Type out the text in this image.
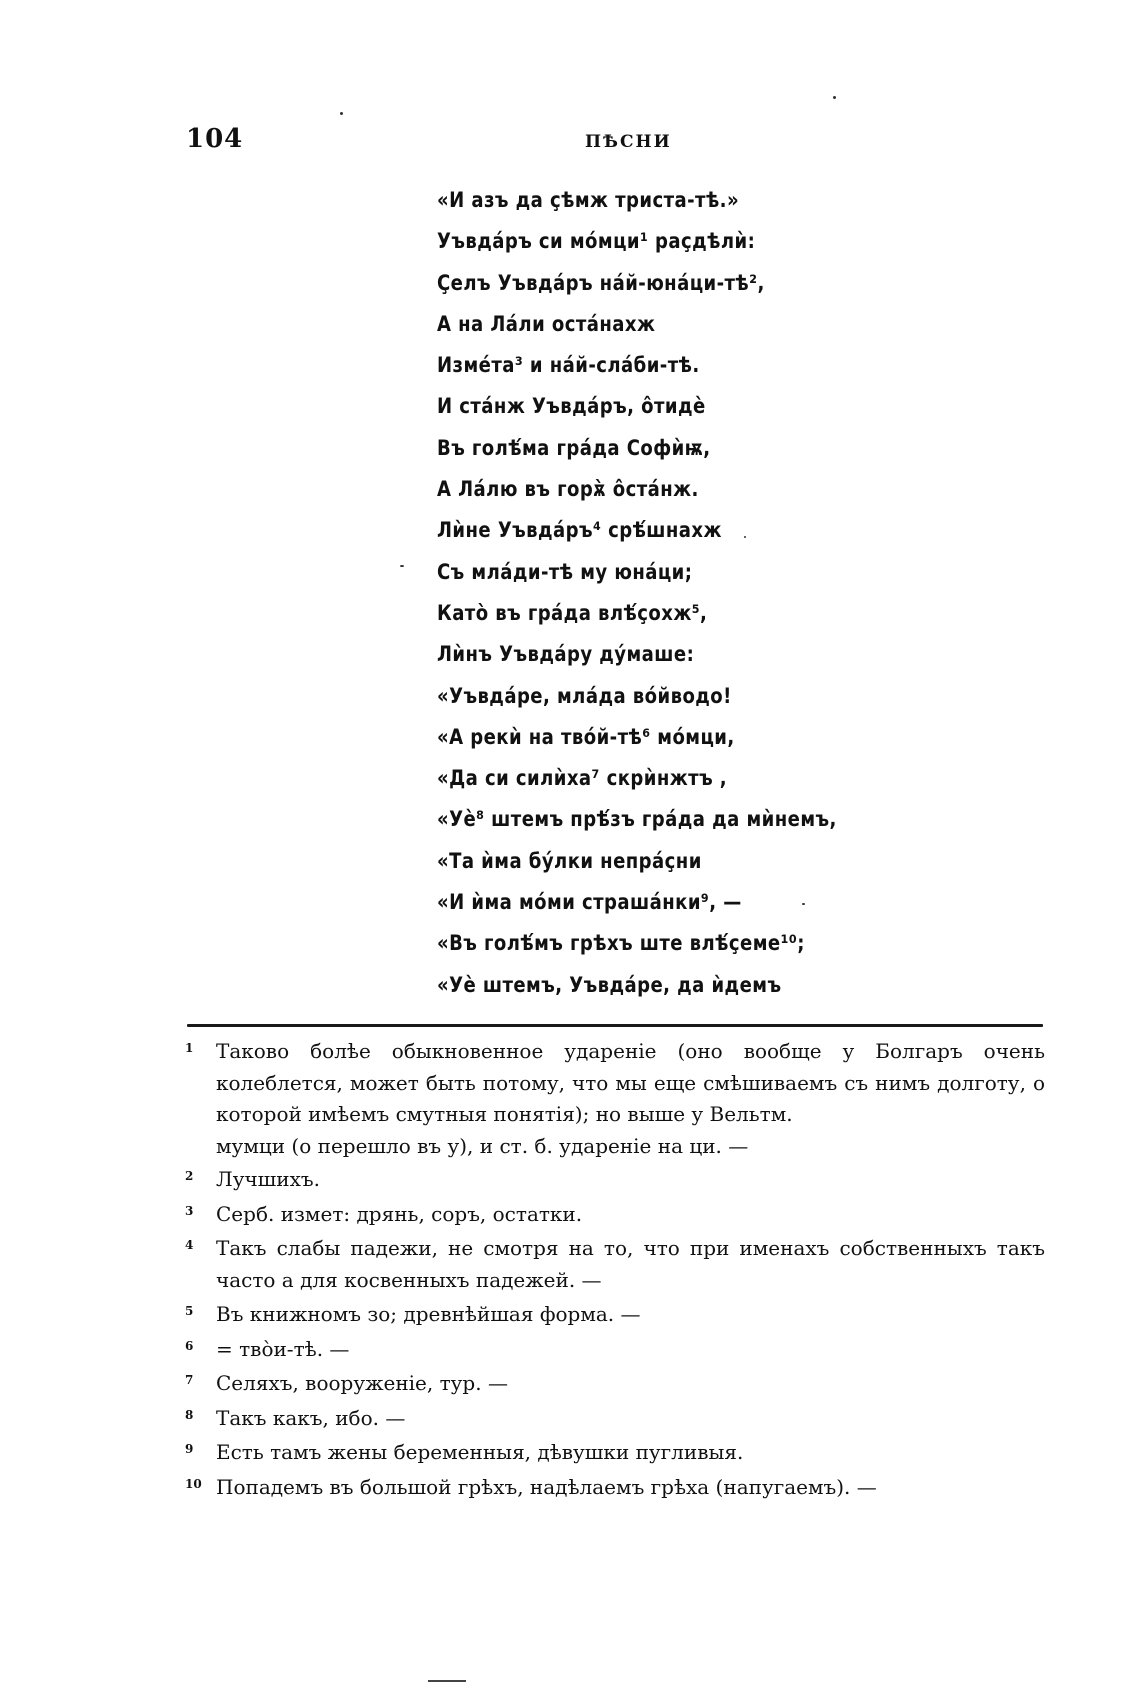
104	ПѢСНИ
«И азъ да ҫѣмж триста-тѣ.»
Уъвдáръ си мóмци¹ раҫдѣлѝ:
Ҫелъ Уъвдáръ нáй-юнáци-тѣ²,
А на Лáли остáнахж
Измéта³ и нáй-слáби-тѣ.
И стáнж Уъвдáръ, ôтидè
Въ голѣ́ма грáда Софѝѭ,
А Лáлю въ горѫ̀ ôстáнж.
Лѝне Уъвдáръ⁴ срѣ́шнахж
Съ млáди-тѣ му юнáци;
Като̀ въ грáда влѣ́ҫохж⁵,
Лѝнъ Уъвдáру дýмаше:
«Уъвдáре, млáда вóйводо!
«А рекѝ на твóй-тѣ⁶ мóмци,
«Да си силѝха⁷ скрѝнжтъ ,
«Уè⁸ штемъ прѣ́зъ грáда да мѝнемъ,
«Та ѝма бýлки непрáҫни
«И ѝма мóми страшáнки⁹, —
«Въ голѣ́мъ грѣхъ ште влѣ́ҫеме¹⁰;
«Уè штемъ, Уъвдáре, да ѝдемъ
1 Таково болѣе обыкновенное удареніе (оно вообще у Болгаръ очень колеблется, может быть потому, что мы еще смѣшиваемъ съ нимъ долготу, о которой имѣемъ смутныя понятія); но выше у Вельтм.
мумци (о перешло въ у), и ст. б. удареніе на ци. —
2 Лучшихъ.
3 Серб. измет: дрянь, соръ, остатки.
4 Такъ слабы падежи, не смотря на то, что при именахъ собственныхъ такъ часто а для косвенныхъ падежей. —
5 Въ книжномъ зо; древнѣйшая форма. —
6 = твòи-тѣ. —
7 Селяхъ, вооруженіе, тур. —
8 Такъ какъ, ибо. —
9 Есть тамъ жены беременныя, дѣвушки пугливыя.
10 Попадемъ въ большой грѣхъ, надѣлаемъ грѣха (напугаемъ). —
